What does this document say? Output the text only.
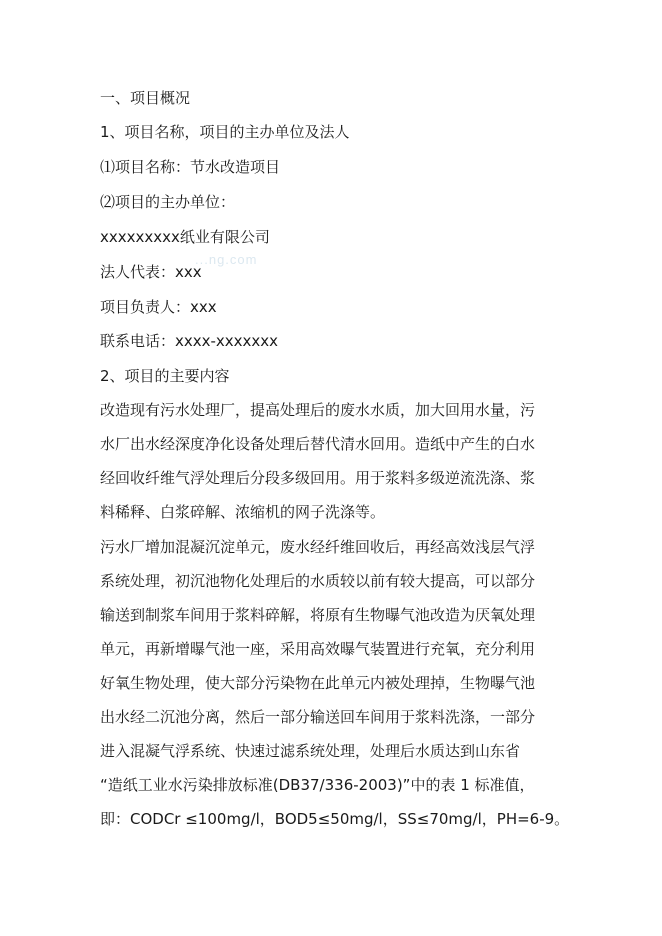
...ng.com
一、项目概况
1、项目名称，项目的主办单位及法人
⑴项目名称：节水改造项目
⑵项目的主办单位：
xxxxxxxxx纸业有限公司
法人代表：xxx
项目负责人：xxx
联系电话：xxxx-xxxxxxx
2、项目的主要内容
改造现有污水处理厂，提高处理后的废水水质，加大回用水量，污
水厂出水经深度净化设备处理后替代清水回用。造纸中产生的白水
经回收纤维气浮处理后分段多级回用。用于浆料多级逆流洗涤、浆
料稀释、白浆碎解、浓缩机的网子洗涤等。
污水厂增加混凝沉淀单元，废水经纤维回收后，再经高效浅层气浮
系统处理，初沉池物化处理后的水质较以前有较大提高，可以部分
输送到制浆车间用于浆料碎解，将原有生物曝气池改造为厌氧处理
单元，再新增曝气池一座，采用高效曝气装置进行充氧，充分利用
好氧生物处理，使大部分污染物在此单元内被处理掉，生物曝气池
出水经二沉池分离，然后一部分输送回车间用于浆料洗涤，一部分
进入混凝气浮系统、快速过滤系统处理，处理后水质达到山东省
“造纸工业水污染排放标准(DB37/336-2003)”中的表 1 标准值，
即：CODCr ≤100mg/l，BOD5≤50mg/l，SS≤70mg/l，PH=6-9。
